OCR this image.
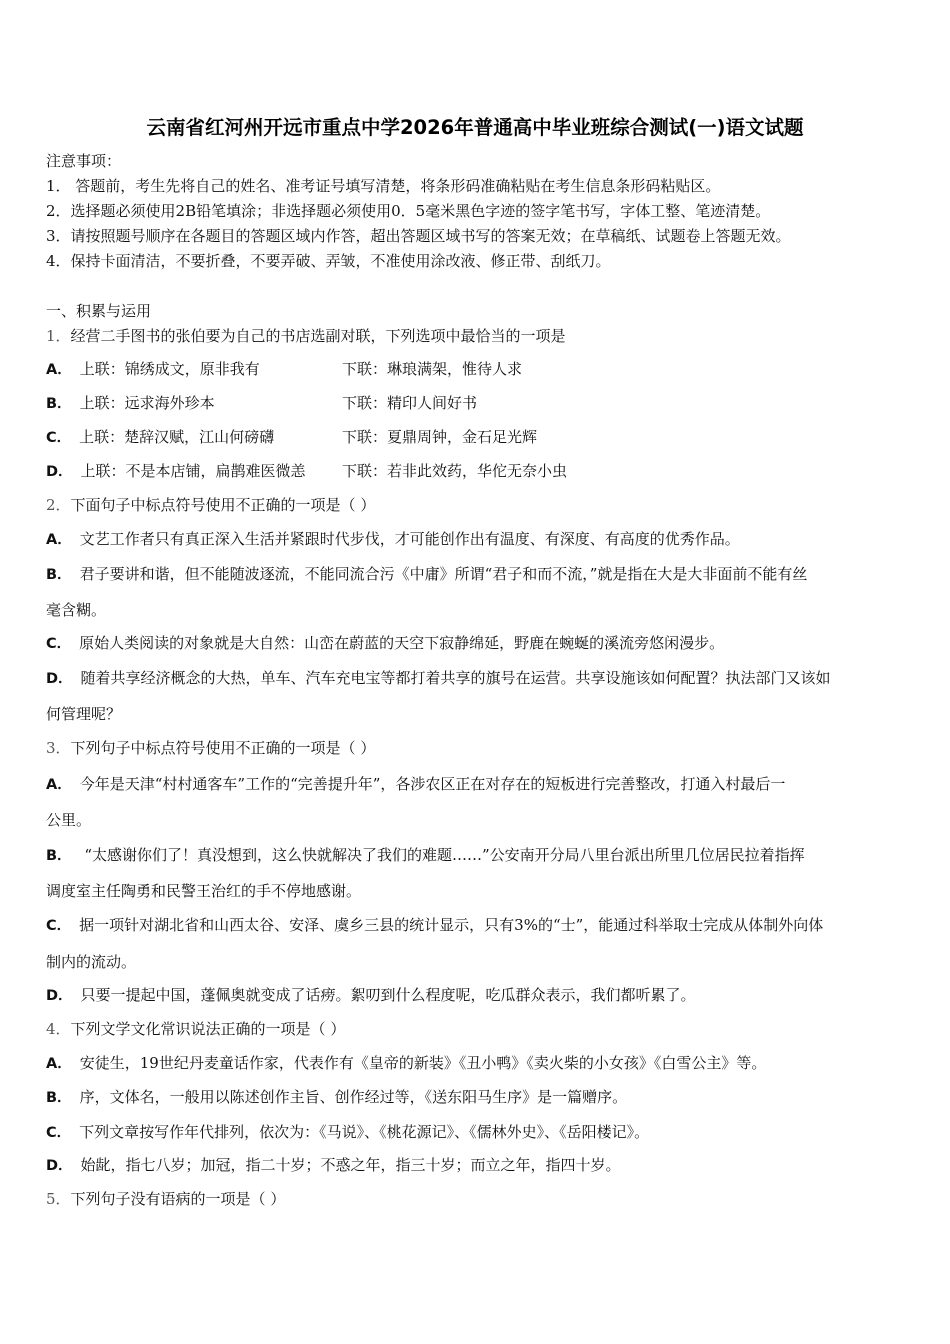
云南省红河州开远市重点中学2026年普通高中毕业班综合测试(一)语文试题
注意事项：
1． 答题前，考生先将自己的姓名、准考证号填写清楚，将条形码准确粘贴在考生信息条形码粘贴区。
2．选择题必须使用2B铅笔填涂；非选择题必须使用0．5毫米黑色字迹的签字笔书写，字体工整、笔迹清楚。
3．请按照题号顺序在各题目的答题区域内作答，超出答题区域书写的答案无效；在草稿纸、试题卷上答题无效。
4．保持卡面清洁，不要折叠，不要弄破、弄皱，不准使用涂改液、修正带、刮纸刀。
一、积累与运用
1．经营二手图书的张伯要为自己的书店选副对联，下列选项中最恰当的一项是
A． 上联：锦绣成文，原非我有	下联：琳琅满架，惟待人求
B． 上联：远求海外珍本	下联：精印人间好书
C． 上联：楚辞汉赋，江山何磅礴	下联：夏鼎周钟，金石足光辉
D． 上联：不是本店铺，扁鹊难医微恙 下联：若非此效药，华佗无奈小虫
2．下面句子中标点符号使用不正确的一项是（ ）
A． 文艺工作者只有真正深入生活并紧跟时代步伐，才可能创作出有温度、有深度、有高度的优秀作品。
B． 君子要讲和谐，但不能随波逐流，不能同流合污《中庸》所谓“君子和而不流，”就是指在大是大非面前不能有丝
毫含糊。
C． 原始人类阅读的对象就是大自然：山峦在蔚蓝的天空下寂静绵延，野鹿在蜿蜒的溪流旁悠闲漫步。
D． 随着共享经济概念的大热，单车、汽车充电宝等都打着共享的旗号在运营。共享设施该如何配置？执法部门又该如
何管理呢？
3．下列句子中标点符号使用不正确的一项是（ ）
A． 今年是天津“村村通客车”工作的“完善提升年”，各涉农区正在对存在的短板进行完善整改，打通入村最后一
公里。
B． “太感谢你们了！真没想到，这么快就解决了我们的难题……”公安南开分局八里台派出所里几位居民拉着指挥
调度室主任陶勇和民警王治红的手不停地感谢。
C． 据一项针对湖北省和山西太谷、安泽、虞乡三县的统计显示，只有3%的“士”，能通过科举取士完成从体制外向体
制内的流动。
D． 只要一提起中国，蓬佩奥就变成了话痨。絮叨到什么程度呢，吃瓜群众表示，我们都听累了。
4．下列文学文化常识说法正确的一项是（ ）
A． 安徒生，19世纪丹麦童话作家，代表作有《皇帝的新装》《丑小鸭》《卖火柴的小女孩》《白雪公主》等。
B． 序，文体名，一般用以陈述创作主旨、创作经过等，《送东阳马生序》是一篇赠序。
C． 下列文章按写作年代排列，依次为：《马说》、《桃花源记》、《儒林外史》、《岳阳楼记》。
D． 始龀，指七八岁；加冠，指二十岁；不惑之年，指三十岁；而立之年，指四十岁。
5．下列句子没有语病的一项是（ ）
